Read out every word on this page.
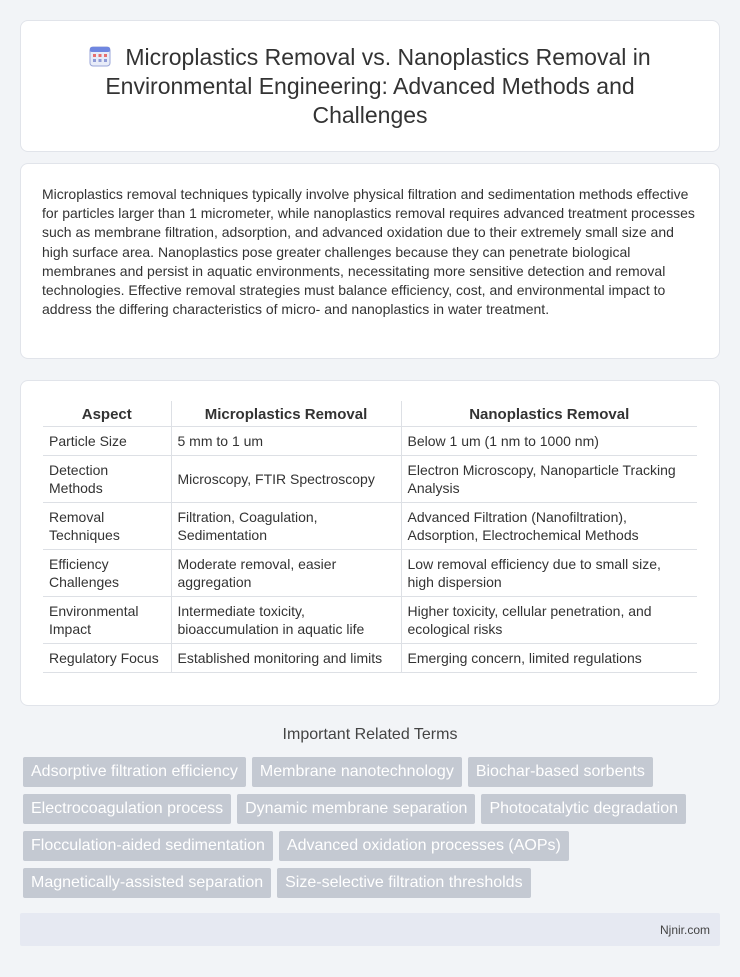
Microplastics Removal vs. Nanoplastics Removal in Environmental Engineering: Advanced Methods and Challenges

Microplastics removal techniques typically involve physical filtration and sedimentation methods effective for particles larger than 1 micrometer, while nanoplastics removal requires advanced treatment processes such as membrane filtration, adsorption, and advanced oxidation due to their extremely small size and high surface area. Nanoplastics pose greater challenges because they can penetrate biological membranes and persist in aquatic environments, necessitating more sensitive detection and removal technologies. Effective removal strategies must balance efficiency, cost, and environmental impact to address the differing characteristics of micro- and nanoplastics in water treatment.

Aspect	Microplastics Removal	Nanoplastics Removal
Particle Size	5 mm to 1 um	Below 1 um (1 nm to 1000 nm)
Detection Methods	Microscopy, FTIR Spectroscopy	Electron Microscopy, Nanoparticle Tracking Analysis
Removal Techniques	Filtration, Coagulation, Sedimentation	Advanced Filtration (Nanofiltration), Adsorption, Electrochemical Methods
Efficiency Challenges	Moderate removal, easier aggregation	Low removal efficiency due to small size, high dispersion
Environmental Impact	Intermediate toxicity, bioaccumulation in aquatic life	Higher toxicity, cellular penetration, and ecological risks
Regulatory Focus	Established monitoring and limits	Emerging concern, limited regulations
Important Related Terms
Adsorptive filtration efficiency	Membrane nanotechnology	Biochar-based sorbents
Electrocoagulation process	Dynamic membrane separation	Photocatalytic degradation
Flocculation-aided sedimentation	Advanced oxidation processes (AOPs)
Magnetically-assisted separation	Size-selective filtration thresholds
Njnir.com
